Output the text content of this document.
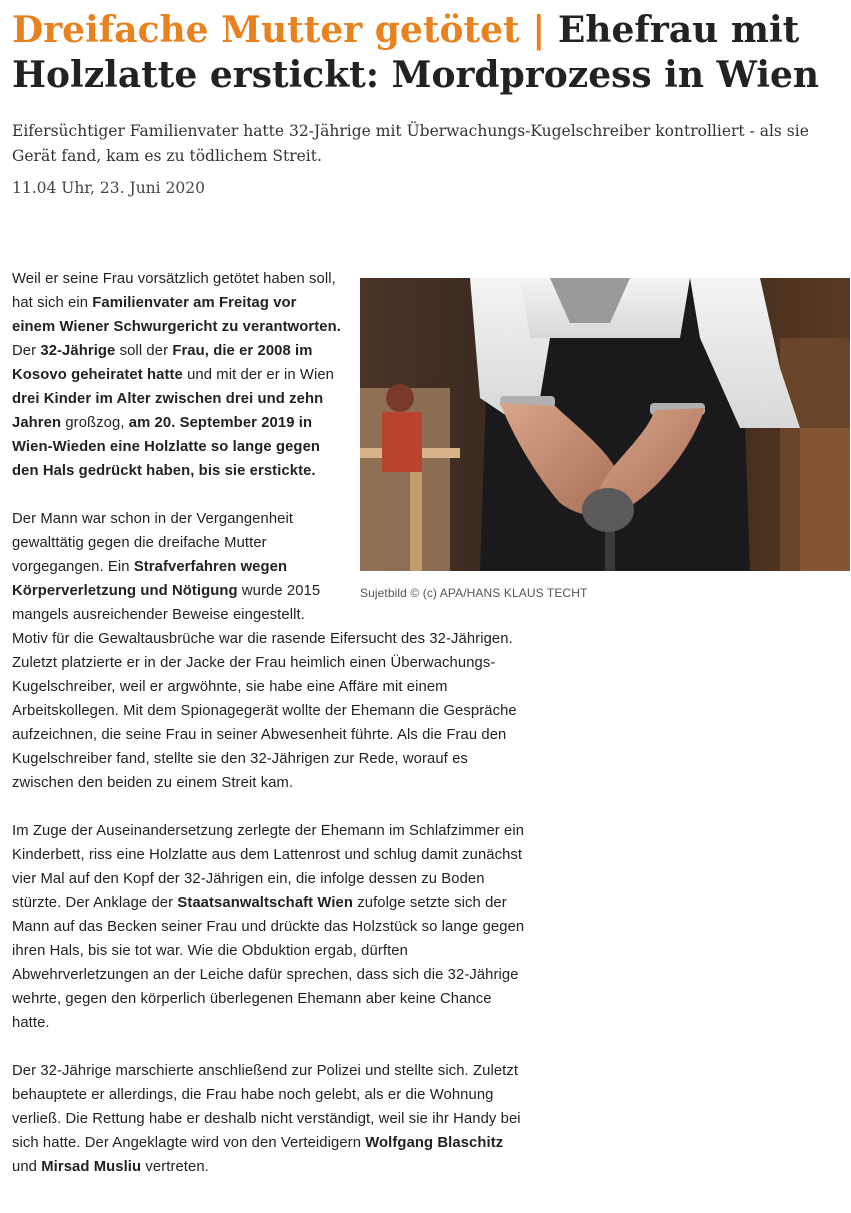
Dreifache Mutter getötet | Ehefrau mit Holzlatte erstickt: Mordprozess in Wien

Eifersüchtiger Familienvater hatte 32-Jährige mit Überwachungs-Kugelschreiber kontrolliert - als sie Gerät fand, kam es zu tödlichem Streit.

11.04 Uhr, 23. Juni 2020

Sujetbild © (c) APA/HANS KLAUS TECHT

Weil er seine Frau vorsätzlich getötet haben soll, hat sich ein Familienvater am Freitag vor einem Wiener Schwurgericht zu verantworten. Der 32-Jährige soll der Frau, die er 2008 im Kosovo geheiratet hatte und mit der er in Wien drei Kinder im Alter zwischen drei und zehn Jahren großzog, am 20. September 2019 in Wien-Wieden eine Holzlatte so lange gegen den Hals gedrückt haben, bis sie erstickte.

Der Mann war schon in der Vergangenheit gewalttätig gegen die dreifache Mutter vorgegangen. Ein Strafverfahren wegen Körperverletzung und Nötigung wurde 2015 mangels ausreichender Beweise eingestellt. Motiv für die Gewaltausbrüche war die rasende Eifersucht des 32-Jährigen. Zuletzt platzierte er in der Jacke der Frau heimlich einen Überwachungs-Kugelschreiber, weil er argwöhnte, sie habe eine Affäre mit einem Arbeitskollegen. Mit dem Spionagegerät wollte der Ehemann die Gespräche aufzeichnen, die seine Frau in seiner Abwesenheit führte. Als die Frau den Kugelschreiber fand, stellte sie den 32-Jährigen zur Rede, worauf es zwischen den beiden zu einem Streit kam.

Im Zuge der Auseinandersetzung zerlegte der Ehemann im Schlafzimmer ein Kinderbett, riss eine Holzlatte aus dem Lattenrost und schlug damit zunächst vier Mal auf den Kopf der 32-Jährigen ein, die infolge dessen zu Boden stürzte. Der Anklage der Staatsanwaltschaft Wien zufolge setzte sich der Mann auf das Becken seiner Frau und drückte das Holzstück so lange gegen ihren Hals, bis sie tot war. Wie die Obduktion ergab, dürften Abwehrverletzungen an der Leiche dafür sprechen, dass sich die 32-Jährige wehrte, gegen den körperlich überlegenen Ehemann aber keine Chance hatte.

Der 32-Jährige marschierte anschließend zur Polizei und stellte sich. Zuletzt behauptete er allerdings, die Frau habe noch gelebt, als er die Wohnung verließ. Die Rettung habe er deshalb nicht verständigt, weil sie ihr Handy bei sich hatte. Der Angeklagte wird von den Verteidigern Wolfgang Blaschitz und Mirsad Musliu vertreten.
